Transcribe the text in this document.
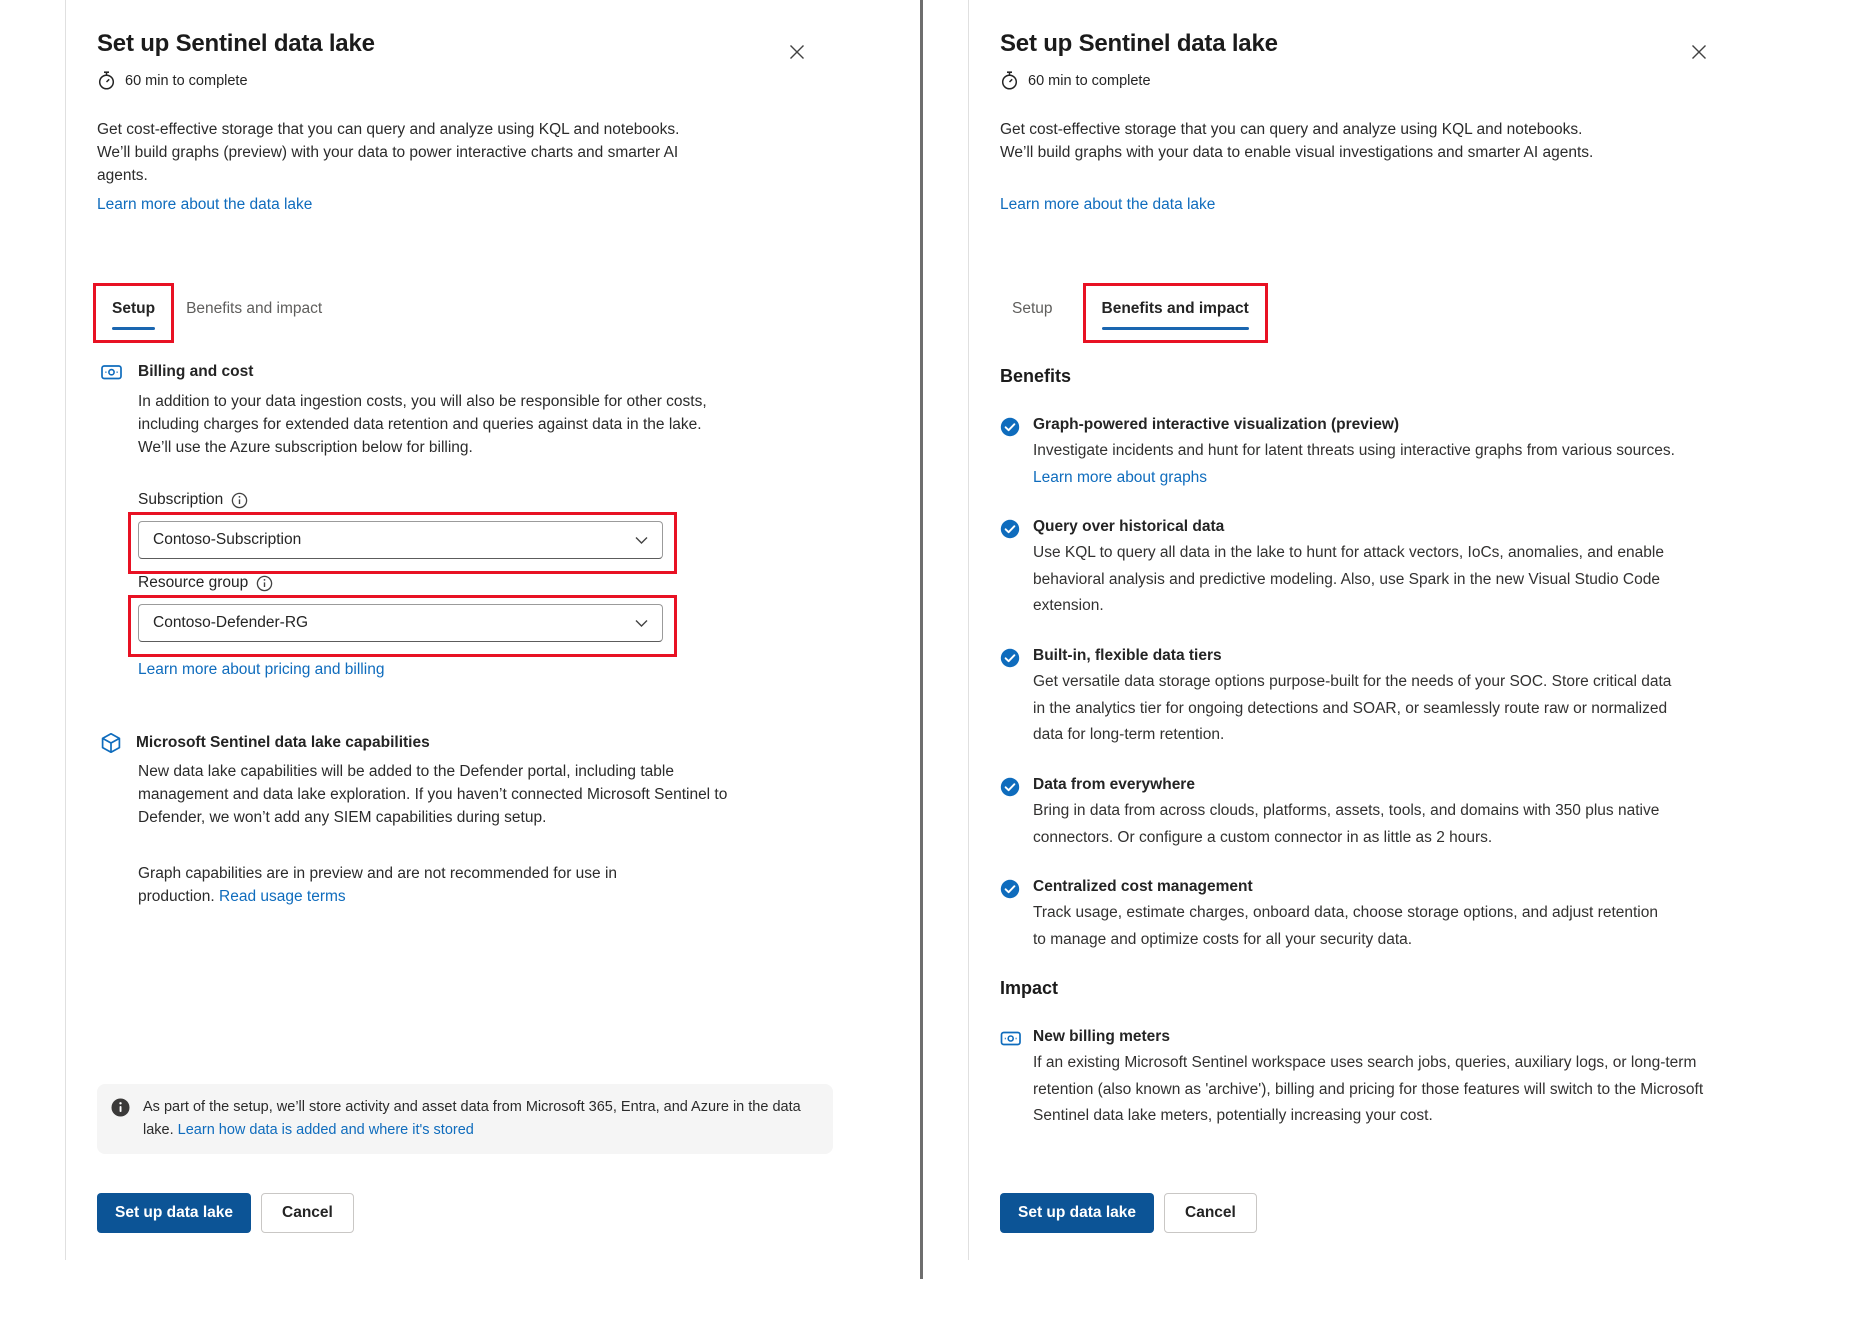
Set up Sentinel data lake
60 min to complete
Get cost-effective storage that you can query and analyze using KQL and notebooks. We’ll build graphs (preview) with your data to power interactive charts and smarter AI agents.
Learn more about the data lake
Setup Benefits and impact
Billing and cost
In addition to your data ingestion costs, you will also be responsible for other costs, including charges for extended data retention and queries against data in the lake. We’ll use the Azure subscription below for billing.
Subscription
Contoso-Subscription
Resource group
Contoso-Defender-RG
Learn more about pricing and billing
Microsoft Sentinel data lake capabilities
New data lake capabilities will be added to the Defender portal, including table management and data lake exploration. If you haven’t connected Microsoft Sentinel to Defender, we won’t add any SIEM capabilities during setup.
Graph capabilities are in preview and are not recommended for use in production. Read usage terms
As part of the setup, we’ll store activity and asset data from Microsoft 365, Entra, and Azure in the data lake. Learn how data is added and where it's stored
Set up data lake	Cancel
Set up Sentinel data lake
60 min to complete
Get cost-effective storage that you can query and analyze using KQL and notebooks. We’ll build graphs with your data to enable visual investigations and smarter AI agents.
Learn more about the data lake
Setup	Benefits and impact
Benefits
Graph-powered interactive visualization (preview)
Investigate incidents and hunt for latent threats using interactive graphs from various sources. Learn more about graphs
Query over historical data
Use KQL to query all data in the lake to hunt for attack vectors, IoCs, anomalies, and enable behavioral analysis and predictive modeling. Also, use Spark in the new Visual Studio Code extension.
Built-in, flexible data tiers
Get versatile data storage options purpose-built for the needs of your SOC. Store critical data in the analytics tier for ongoing detections and SOAR, or seamlessly route raw or normalized data for long-term retention.
Data from everywhere
Bring in data from across clouds, platforms, assets, tools, and domains with 350 plus native connectors. Or configure a custom connector in as little as 2 hours.
Centralized cost management
Track usage, estimate charges, onboard data, choose storage options, and adjust retention to manage and optimize costs for all your security data.
Impact
New billing meters
If an existing Microsoft Sentinel workspace uses search jobs, queries, auxiliary logs, or long-term retention (also known as 'archive'), billing and pricing for those features will switch to the Microsoft Sentinel data lake meters, potentially increasing your cost.
Set up data lake	Cancel
